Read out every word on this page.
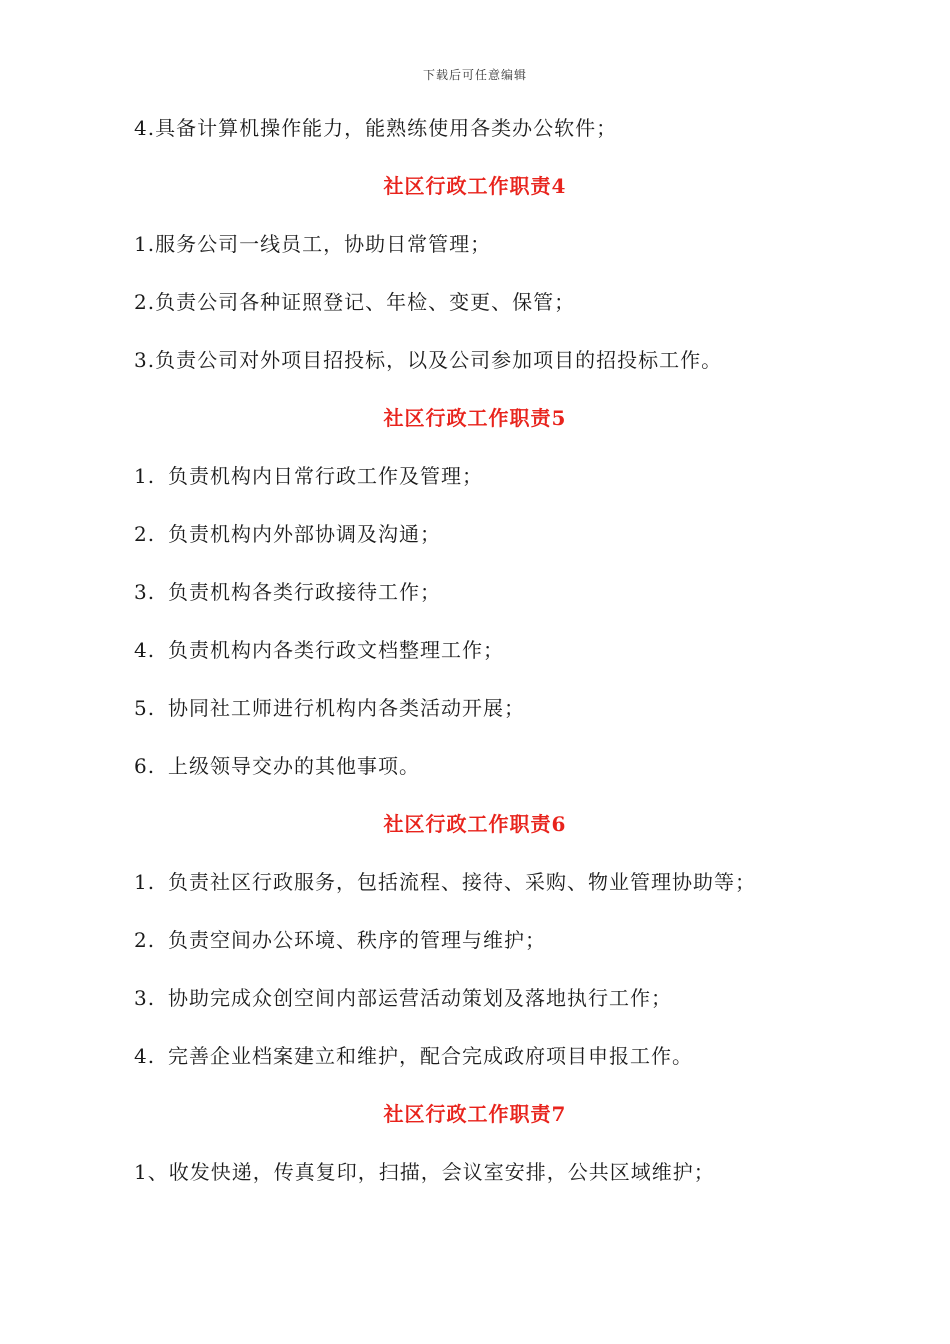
下载后可任意编辑
4.具备计算机操作能力，能熟练使用各类办公软件；
社区行政工作职责4
1.服务公司一线员工，协助日常管理；
2.负责公司各种证照登记、年检、变更、保管；
3.负责公司对外项目招投标，以及公司参加项目的招投标工作。
社区行政工作职责5
1. 负责机构内日常行政工作及管理；
2. 负责机构内外部协调及沟通；
3. 负责机构各类行政接待工作；
4. 负责机构内各类行政文档整理工作；
5. 协同社工师进行机构内各类活动开展；
6. 上级领导交办的其他事项。
社区行政工作职责6
1. 负责社区行政服务，包括流程、接待、采购、物业管理协助等；
2. 负责空间办公环境、秩序的管理与维护；
3. 协助完成众创空间内部运营活动策划及落地执行工作；
4. 完善企业档案建立和维护，配合完成政府项目申报工作。
社区行政工作职责7
1、收发快递，传真复印，扫描，会议室安排，公共区域维护；
